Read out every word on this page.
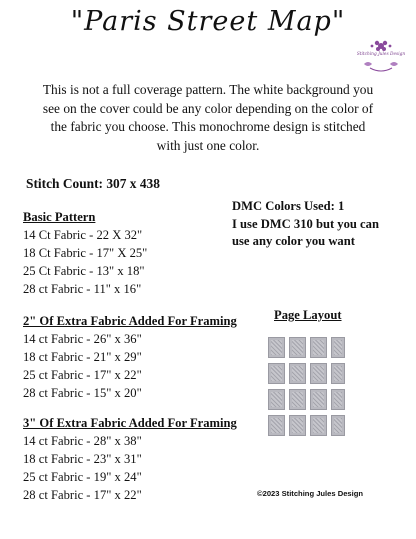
"Paris Street Map"
Stitching Jules Design
This is not a full coverage pattern. The white background you see on the cover could be any color depending on the color of the fabric you choose. This monochrome design is stitched with just one color.
Stitch Count: 307 x 438
DMC Colors Used: 1
I use DMC 310 but you can
use any color you want
Basic Pattern
14 Ct Fabric - 22 X 32"
18 Ct Fabric - 17" X 25"
25 Ct Fabric - 13" x 18"
28 ct Fabric - 11" x 16"
2" Of Extra Fabric Added For Framing
14 ct Fabric - 26" x 36"
18 ct Fabric - 21" x 29"
25 ct Fabric - 17" x 22"
28 ct Fabric - 15" x 20"
3" Of Extra Fabric Added For Framing
14 ct Fabric - 28" x 38"
18 ct Fabric - 23" x 31"
25 ct Fabric - 19" x 24"
28 ct Fabric - 17" x 22"
Page Layout
©2023 Stitching Jules Design
